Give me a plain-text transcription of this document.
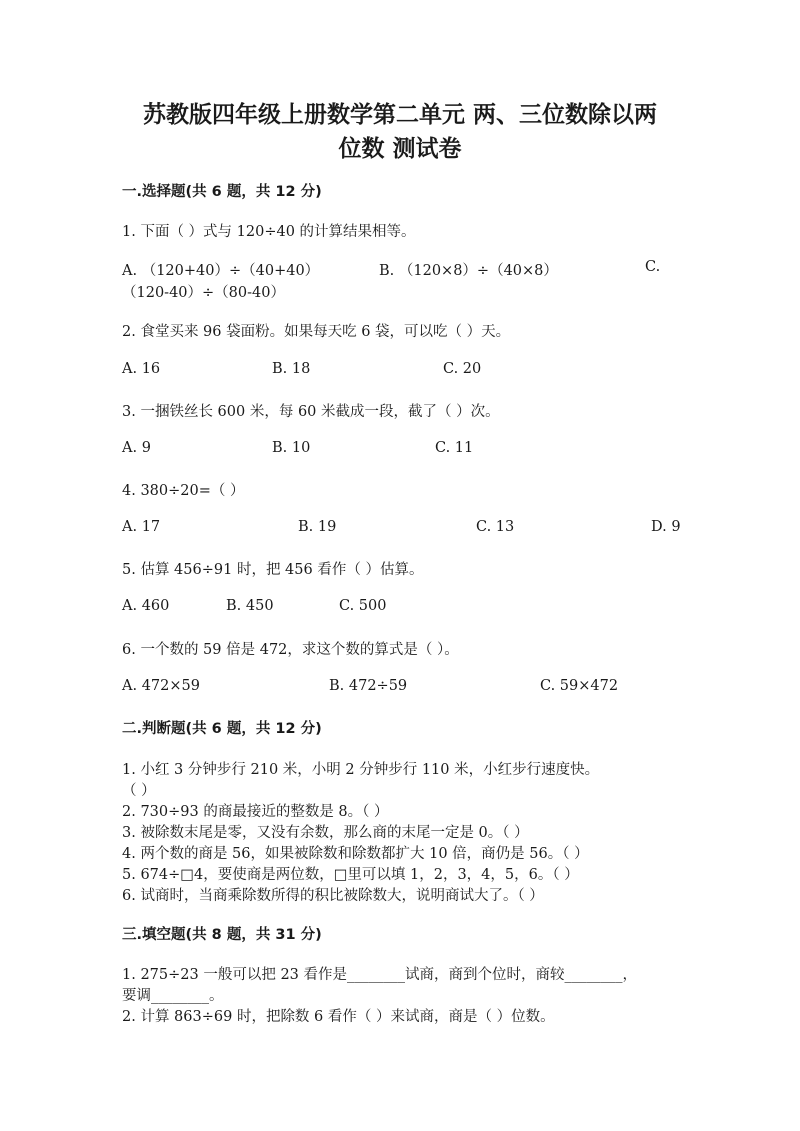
苏教版四年级上册数学第二单元 两、三位数除以两
位数 测试卷
一.选择题(共 6 题，共 12 分)
1. 下面（ ）式与 120÷40 的计算结果相等。
A. （120+40）÷（40+40）	B. （120×8）÷（40×8）	C.
（120-40）÷（80-40）
2. 食堂买来 96 袋面粉。如果每天吃 6 袋，可以吃（ ）天。
A. 16	B. 18	C. 20
3. 一捆铁丝长 600 米，每 60 米截成一段，截了（ ）次。
A. 9	B. 10	C. 11
4. 380÷20=（ ）
A. 17	B. 19	C. 13	D. 9
5. 估算 456÷91 时，把 456 看作（ ）估算。
A. 460	B. 450	C. 500
6. 一个数的 59 倍是 472，求这个数的算式是（ ）。
A. 472×59	B. 472÷59	C. 59×472
二.判断题(共 6 题，共 12 分)
1. 小红 3 分钟步行 210 米，小明 2 分钟步行 110 米，小红步行速度快。
（ ）
2. 730÷93 的商最接近的整数是 8。（ ）
3. 被除数末尾是零，又没有余数，那么商的末尾一定是 0。（ ）
4. 两个数的商是 56，如果被除数和除数都扩大 10 倍，商仍是 56。（ ）
5. 674÷□4，要使商是两位数，□里可以填 1，2，3，4，5，6。（ ）
6. 试商时，当商乘除数所得的积比被除数大，说明商试大了。（ ）
三.填空题(共 8 题，共 31 分)
1. 275÷23 一般可以把 23 看作是________试商，商到个位时，商较________，
要调________。
2. 计算 863÷69 时，把除数 6 看作（ ）来试商，商是（ ）位数。
